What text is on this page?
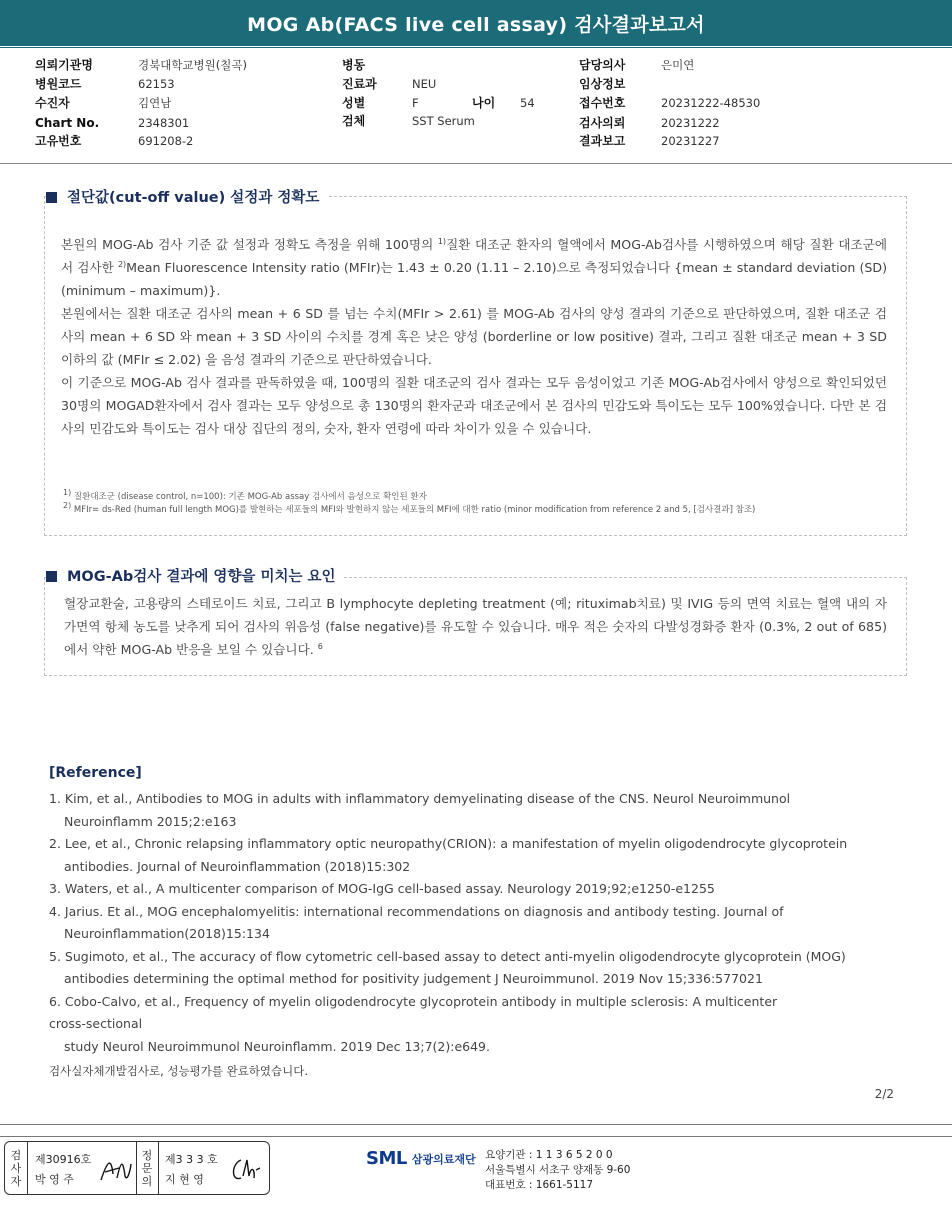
MOG Ab(FACS live cell assay) 검사결과보고서
의뢰기관명	경북대학교병원(칠곡)
병원코드	62153
수진자	김연남
Chart No.	2348301
고유번호	691208-2
병동
진료과	NEU
성별	F	나이 54
검체	SST Serum
담당의사	은미연
임상정보
접수번호	20231222-48530
검사의뢰	20231222
결과보고	20231227
절단값(cut-off value) 설정과 정확도

본원의 MOG-Ab 검사 기준 값 설정과 정확도 측정을 위해 100명의 $^{1)}$질환 대조군 환자의 혈액에서 MOG-Ab검사를 시행하였으며 해당 질환 대조군에서 검사한 $^{2)}$Mean Fluorescence Intensity ratio (MFIr)는 1.43 ± 0.20 (1.11 – 2.10)으로 측정되었습니다 {mean ± standard deviation (SD) (minimum – maximum)}.

본원에서는 질환 대조군 검사의 mean + 6 SD 를 넘는 수치(MFIr > 2.61) 를 MOG-Ab 검사의 양성 결과의 기준으로 판단하였으며, 질환 대조군 검사의 mean + 6 SD 와 mean + 3 SD 사이의 수치를 경계 혹은 낮은 양성 (borderline or low positive) 결과, 그리고 질환 대조군 mean + 3 SD 이하의 값 (MFIr ≤ 2.02) 을 음성 결과의 기준으로 판단하였습니다.

이 기준으로 MOG-Ab 검사 결과를 판독하였을 때, 100명의 질환 대조군의 검사 결과는 모두 음성이었고 기존 MOG-Ab검사에서 양성으로 확인되었던 30명의 MOGAD환자에서 검사 결과는 모두 양성으로 총 130명의 환자군과 대조군에서 본 검사의 민감도와 특이도는 모두 100%였습니다. 다만 본 검사의 민감도와 특이도는 검사 대상 집단의 정의, 숫자, 환자 연령에 따라 차이가 있을 수 있습니다.

$^{1)}$ 질환대조군 (disease control, n=100): 기존 MOG-Ab assay 검사에서 음성으로 확인된 환자
$^{2)}$ MFIr= ds-Red (human full length MOG)를 발현하는 세포들의 MFI와 발현하지 않는 세포들의 MFI에 대한 ratio (minor modification from reference 2 and 5, [검사결과] 참조)
MOG-Ab검사 결과에 영향을 미치는 요인

혈장교환술, 고용량의 스테로이드 치료, 그리고 B lymphocyte depleting treatment (예; rituximab치료) 및 IVIG 등의 면역 치료는 혈액 내의 자가면역 항체 농도를 낮추게 되어 검사의 위음성 (false negative)를 유도할 수 있습니다. 매우 적은 숫자의 다발성경화증 환자 (0.3%, 2 out of 685)에서 약한 MOG-Ab 반응을 보일 수 있습니다. $^6$

[Reference]
1. Kim, et al., Antibodies to MOG in adults with inflammatory demyelinating disease of the CNS. Neurol Neuroimmunol
Neuroinflamm 2015;2:e163
2. Lee, et al., Chronic relapsing inflammatory optic neuropathy(CRION): a manifestation of myelin oligodendrocyte glycoprotein
antibodies. Journal of Neuroinflammation (2018)15:302
3. Waters, et al., A multicenter comparison of MOG-IgG cell-based assay. Neurology 2019;92;e1250-e1255
4. Jarius. Et al., MOG encephalomyelitis: international recommendations on diagnosis and antibody testing. Journal of
Neuroinflammation(2018)15:134
5. Sugimoto, et al., The accuracy of flow cytometric cell-based assay to detect anti-myelin oligodendrocyte glycoprotein (MOG)
antibodies determining the optimal method for positivity judgement J Neuroimmunol. 2019 Nov 15;336:577021
6. Cobo-Calvo, et al., Frequency of myelin oligodendrocyte glycoprotein antibody in multiple sclerosis: A multicenter
cross-sectional
study Neurol Neuroimmunol Neuroinflamm. 2019 Dec 13;7(2):e649.
검사실자체개발검사로, 성능평가를 완료하였습니다.
2/2
검
사
자
제30916호
박 영 주
정
문
의
제3 3 3 호
지 현 영
SML 삼광의료재단 요양기관 : 1 1 3 6 5 2 0 0
서울특별시 서초구 양재동 9-60
대표번호 : 1661-5117
